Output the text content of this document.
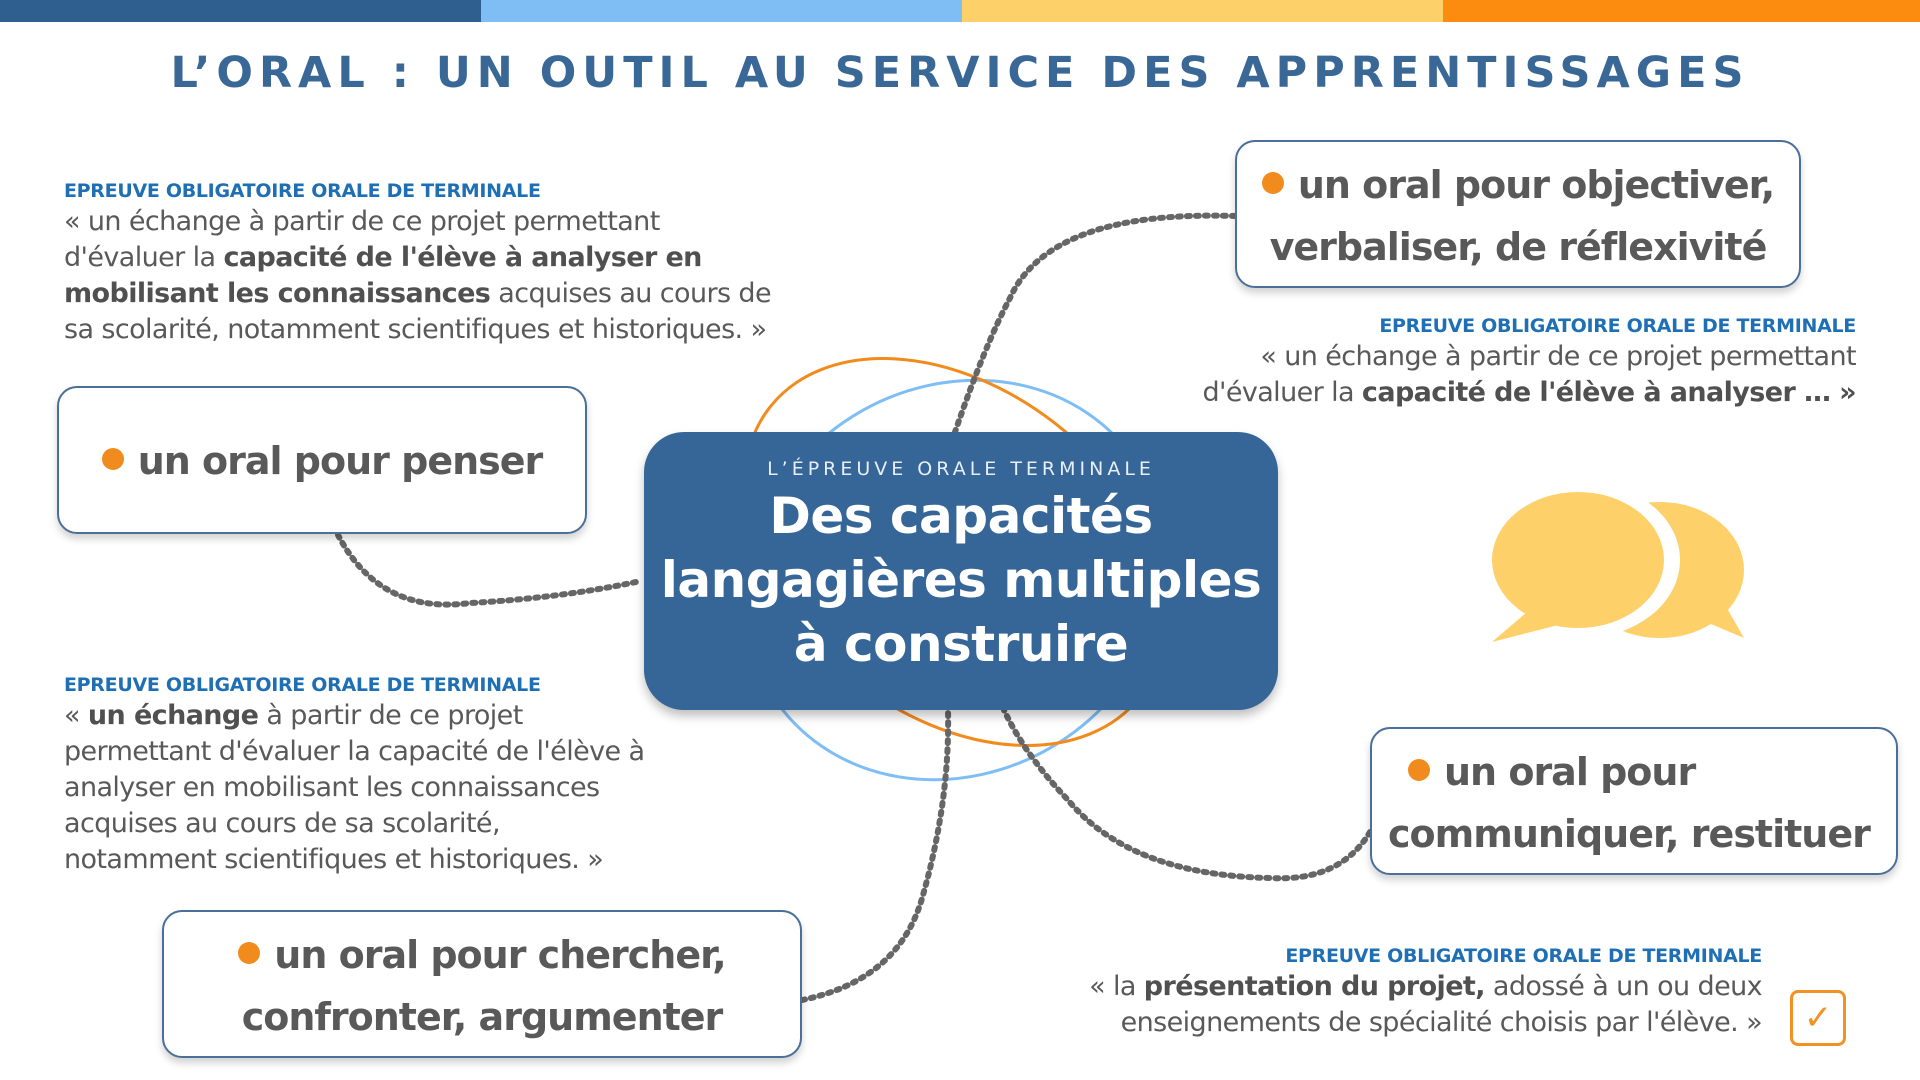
L’ORAL : UN OUTIL AU SERVICE DES APPRENTISSAGES
L’ÉPREUVE ORALE TERMINALE
Des capacités
langagières multiples
à construire
un oral pour penser
un oral pour objectiver,
verbaliser, de réflexivité
un oral pour
communiquer, restituer
un oral pour chercher,
confronter, argumenter
EPREUVE OBLIGATOIRE ORALE DE TERMINALE
« un échange à partir de ce projet permettant
d'évaluer la capacité de l'élève à analyser en
mobilisant les connaissances acquises au cours de
sa scolarité, notamment scientifiques et historiques. »	EPREUVE OBLIGATOIRE ORALE DE TERMINALE
« un échange à partir de ce projet permettant
d'évaluer la capacité de l'élève à analyser … »
EPREUVE OBLIGATOIRE ORALE DE TERMINALE
« un échange à partir de ce projet
permettant d'évaluer la capacité de l'élève à
analyser en mobilisant les connaissances
acquises au cours de sa scolarité,
notamment scientifiques et historiques. »
EPREUVE OBLIGATOIRE ORALE DE TERMINALE
« la présentation du projet, adossé à un ou deux
enseignements de spécialité choisis par l'élève. »	✓
